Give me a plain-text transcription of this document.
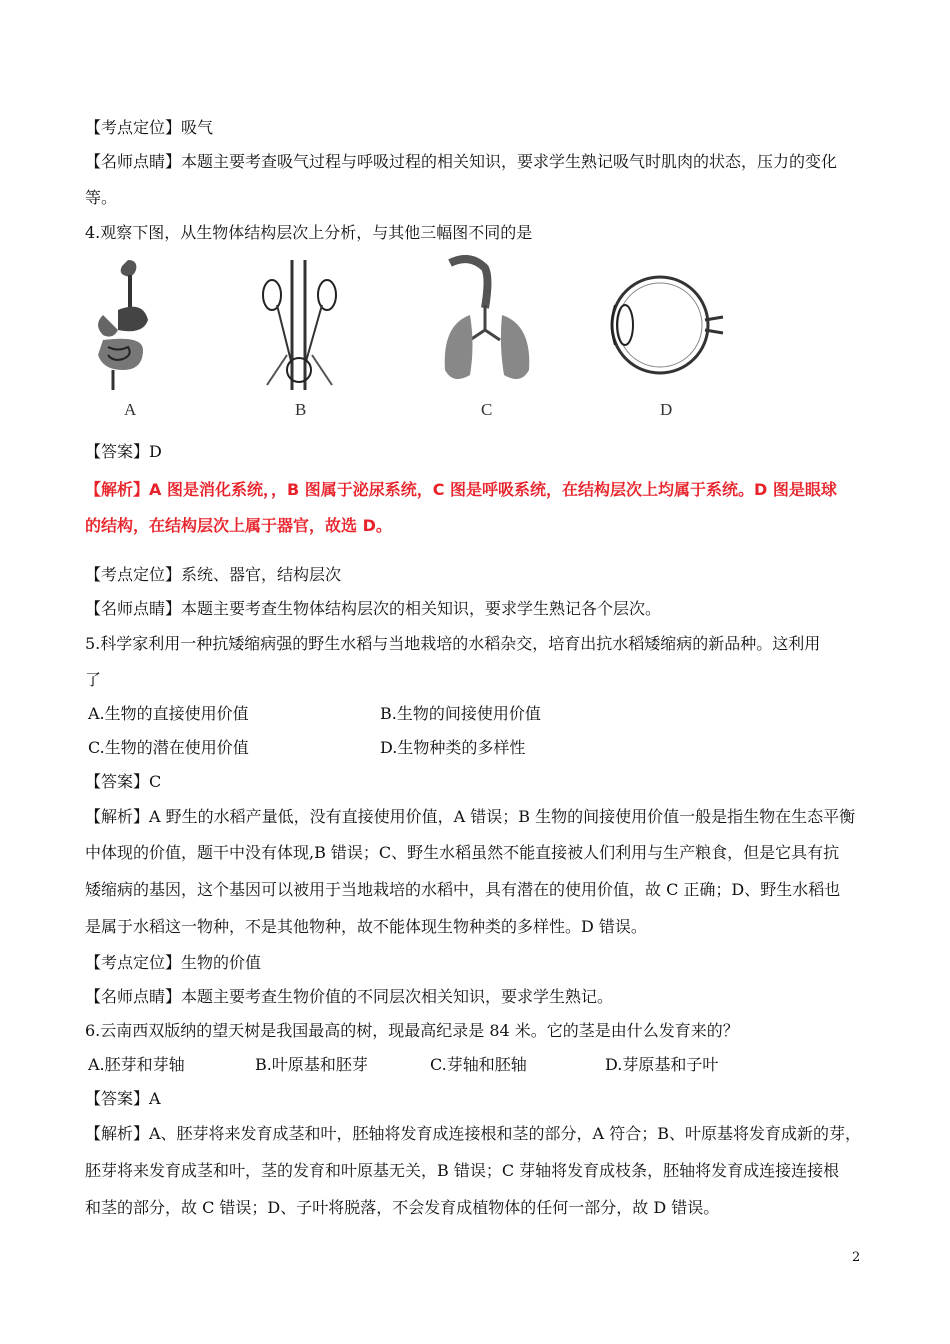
【考点定位】吸气
【名师点睛】本题主要考查吸气过程与呼吸过程的相关知识，要求学生熟记吸气时肌肉的状态，压力的变化
等。
4.观察下图，从生物体结构层次上分析，与其他三幅图不同的是
A	B	C	D
【答案】D
【解析】A 图是消化系统，，B 图属于泌尿系统，C 图是呼吸系统，在结构层次上均属于系统。D 图是眼球
的结构，在结构层次上属于器官，故选 D。
【考点定位】系统、器官，结构层次
【名师点睛】本题主要考查生物体结构层次的相关知识，要求学生熟记各个层次。
5.科学家利用一种抗矮缩病强的野生水稻与当地栽培的水稻杂交，培育出抗水稻矮缩病的新品种。这利用
了
A.生物的直接使用价值	B.生物的间接使用价值
C.生物的潜在使用价值	D.生物种类的多样性
【答案】C
【解析】A 野生的水稻产量低，没有直接使用价值，A 错误；B 生物的间接使用价值一般是指生物在生态平衡
中体现的价值，题干中没有体现,B 错误；C、野生水稻虽然不能直接被人们利用与生产粮食，但是它具有抗
矮缩病的基因，这个基因可以被用于当地栽培的水稻中，具有潜在的使用价值，故 C 正确；D、野生水稻也
是属于水稻这一物种，不是其他物种，故不能体现生物种类的多样性。D 错误。
【考点定位】生物的价值
【名师点睛】本题主要考查生物价值的不同层次相关知识，要求学生熟记。
6.云南西双版纳的望天树是我国最高的树，现最高纪录是 84 米。它的茎是由什么发育来的？
A.胚芽和芽轴	B.叶原基和胚芽	C.芽轴和胚轴	D.芽原基和子叶
【答案】A
【解析】A、胚芽将来发育成茎和叶，胚轴将发育成连接根和茎的部分，A 符合；B、叶原基将发育成新的芽，
胚芽将来发育成茎和叶，茎的发育和叶原基无关，B 错误；C 芽轴将发育成枝条，胚轴将发育成连接连接根
和茎的部分，故 C 错误；D、子叶将脱落，不会发育成植物体的任何一部分，故 D 错误。
2
